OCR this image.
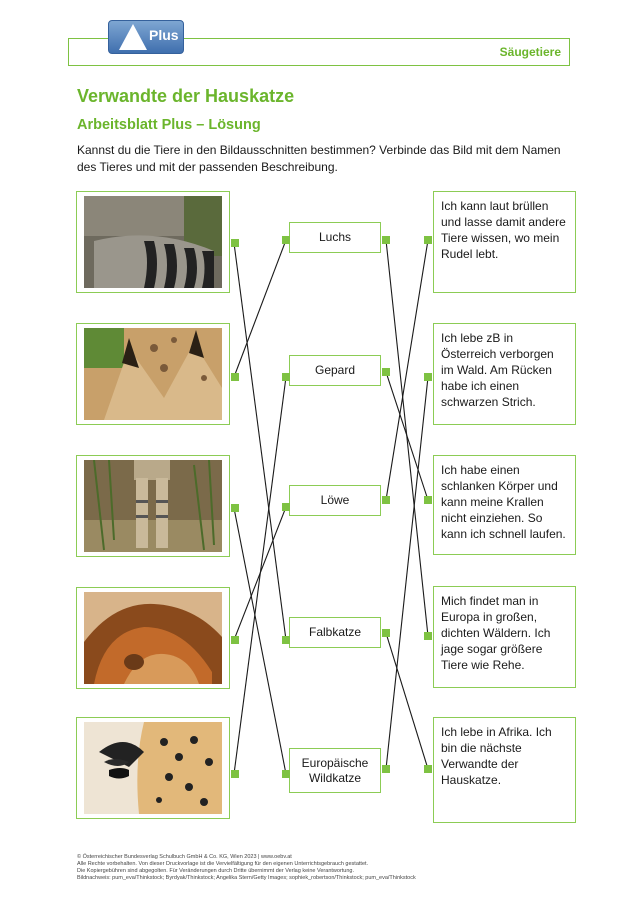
Säugetiere
Plus
Verwandte der Hauskatze
Arbeitsblatt Plus – Lösung
Kannst du die Tiere in den Bildausschnitten bestimmen? Verbinde das Bild mit dem Namen des Tieres und mit der passenden Beschreibung.
Luchs
Gepard
Löwe
Falbkatze
Europäische
Wildkatze
Ich kann laut brüllen und lasse damit andere Tiere wissen, wo mein Rudel lebt.
Ich lebe zB in Österreich verborgen im Wald. Am Rücken habe ich einen schwarzen Strich.
Ich habe einen schlanken Körper und kann meine Krallen nicht einziehen. So kann ich schnell laufen.
Mich findet man in Europa in großen, dichten Wäldern. Ich jage sogar größere Tiere wie Rehe.
Ich lebe in Afrika. Ich bin die nächste Verwandte der Hauskatze.
© Österreichischer Bundesverlag Schulbuch GmbH & Co. KG, Wien 2023 | www.oebv.at
Alle Rechte vorbehalten. Von dieser Druckvorlage ist die Vervielfältigung für den eigenen Unterrichtsgebrauch gestattet.
Die Kopiergebühren sind abgegolten. Für Veränderungen durch Dritte übernimmt der Verlag keine Verantwortung.
Bildnachweis: pum_eva/Thinkstock; Byrdyak/Thinkstock; Angelika Stern/Getty Images; sophiek_robertson/Thinkstock; pum_eva/Thinkstock
